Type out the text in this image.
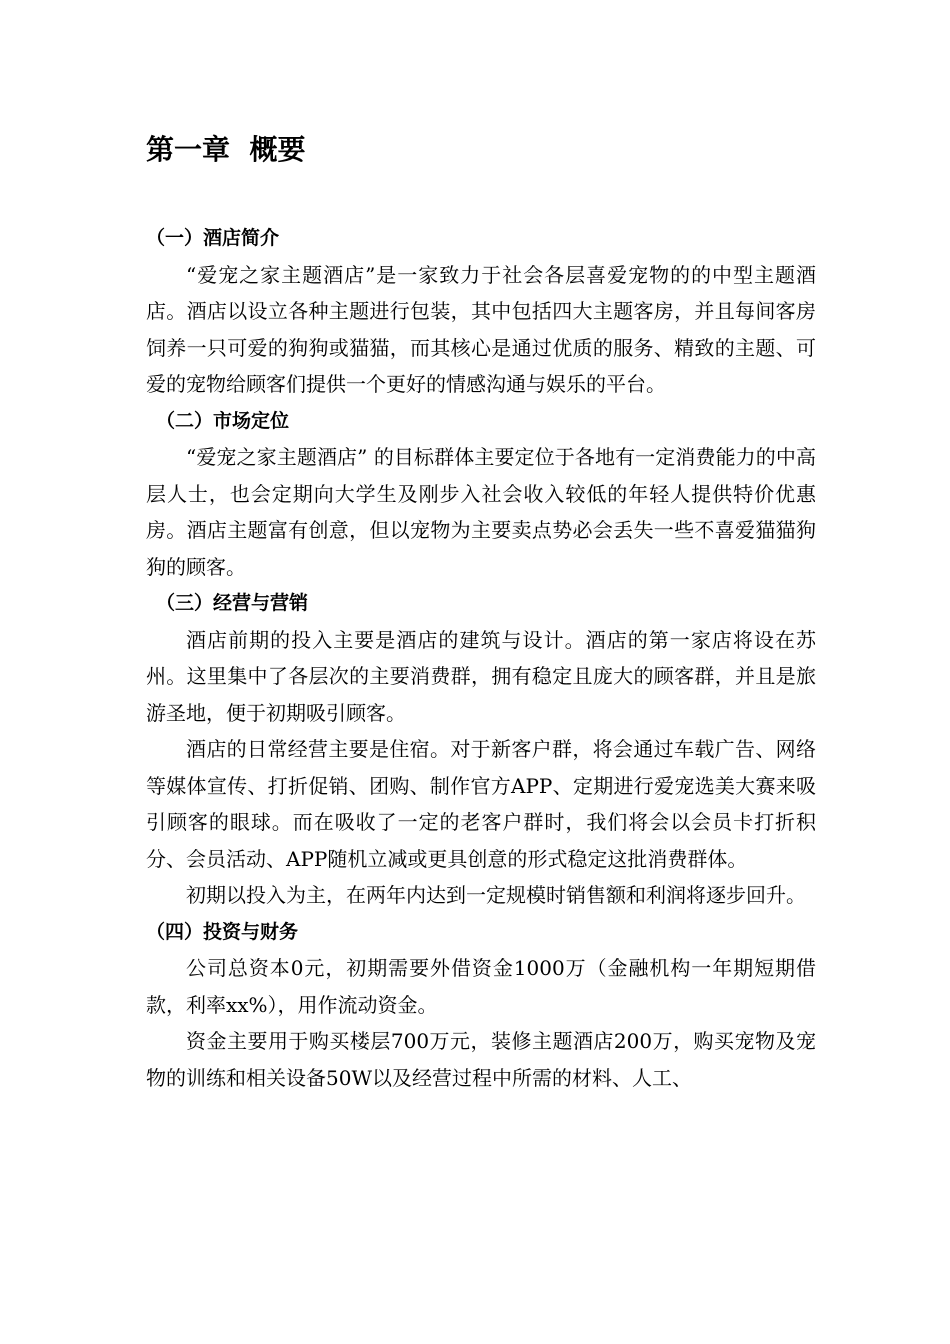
第一章  概要
（一）酒店简介

“爱宠之家主题酒店”是一家致力于社会各层喜爱宠物的的中型主题酒店。酒店以设立各种主题进行包装，其中包括四大主题客房，并且每间客房饲养一只可爱的狗狗或猫猫，而其核心是通过优质的服务、精致的主题、可爱的宠物给顾客们提供一个更好的情感沟通与娱乐的平台。

（二）市场定位

“爱宠之家主题酒店” 的目标群体主要定位于各地有一定消费能力的中高层人士，也会定期向大学生及刚步入社会收入较低的年轻人提供特价优惠房。酒店主题富有创意，但以宠物为主要卖点势必会丢失一些不喜爱猫猫狗狗的顾客。

（三）经营与营销

酒店前期的投入主要是酒店的建筑与设计。酒店的第一家店将设在苏州。这里集中了各层次的主要消费群，拥有稳定且庞大的顾客群，并且是旅游圣地，便于初期吸引顾客。

酒店的日常经营主要是住宿。对于新客户群，将会通过车载广告、网络等媒体宣传、打折促销、团购、制作官方APP、定期进行爱宠选美大赛来吸引顾客的眼球。而在吸收了一定的老客户群时，我们将会以会员卡打折积分、会员活动、APP随机立减或更具创意的形式稳定这批消费群体。

初期以投入为主，在两年内达到一定规模时销售额和利润将逐步回升。

（四）投资与财务

公司总资本0元，初期需要外借资金1000万（金融机构一年期短期借款，利率xx%），用作流动资金。

资金主要用于购买楼层700万元，装修主题酒店200万，购买宠物及宠物的训练和相关设备50W以及经营过程中所需的材料、人工、
